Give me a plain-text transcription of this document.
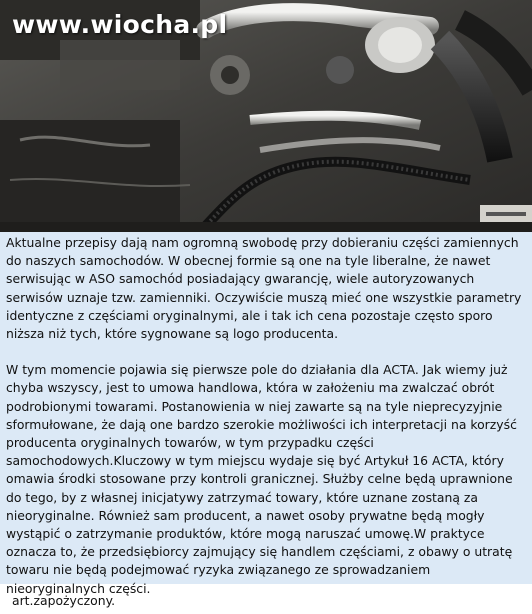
www.wiocha.pl

Aktualne przepisy dają nam ogromną swobodę przy dobieraniu części zamiennych do naszych samochodów. W obecnej formie są one na tyle liberalne, że nawet serwisując w ASO samochód posiadający gwarancję, wiele autoryzowanych serwisów uznaje tzw. zamienniki. Oczywiście muszą mieć one wszystkie parametry identyczne z częściami oryginalnymi, ale i tak ich cena pozostaje często sporo niższa niż tych, które sygnowane są logo producenta.

W tym momencie pojawia się pierwsze pole do działania dla ACTA. Jak wiemy już chyba wszyscy, jest to umowa handlowa, która w założeniu ma zwalczać obrót podrobionymi towarami. Postanowienia w niej zawarte są na tyle nieprecyzyjnie sformułowane, że dają one bardzo szerokie możliwości ich interpretacji na korzyść producenta oryginalnych towarów, w tym przypadku części samochodowych.Kluczowy w tym miejscu wydaje się być Artykuł 16 ACTA, który omawia środki stosowane przy kontroli granicznej. Służby celne będą uprawnione do tego, by z własnej inicjatywy zatrzymać towary, które uznane zostaną za nieoryginalne. Również sam producent, a nawet osoby prywatne będą mogły wystąpić o zatrzymanie produktów, które mogą naruszać umowę.W praktyce oznacza to, że przedsiębiorcy zajmujący się handlem częściami, z obawy o utratę towaru nie będą podejmować ryzyka związanego ze sprowadzaniem nieoryginalnych części.

art.zapożyczony.
